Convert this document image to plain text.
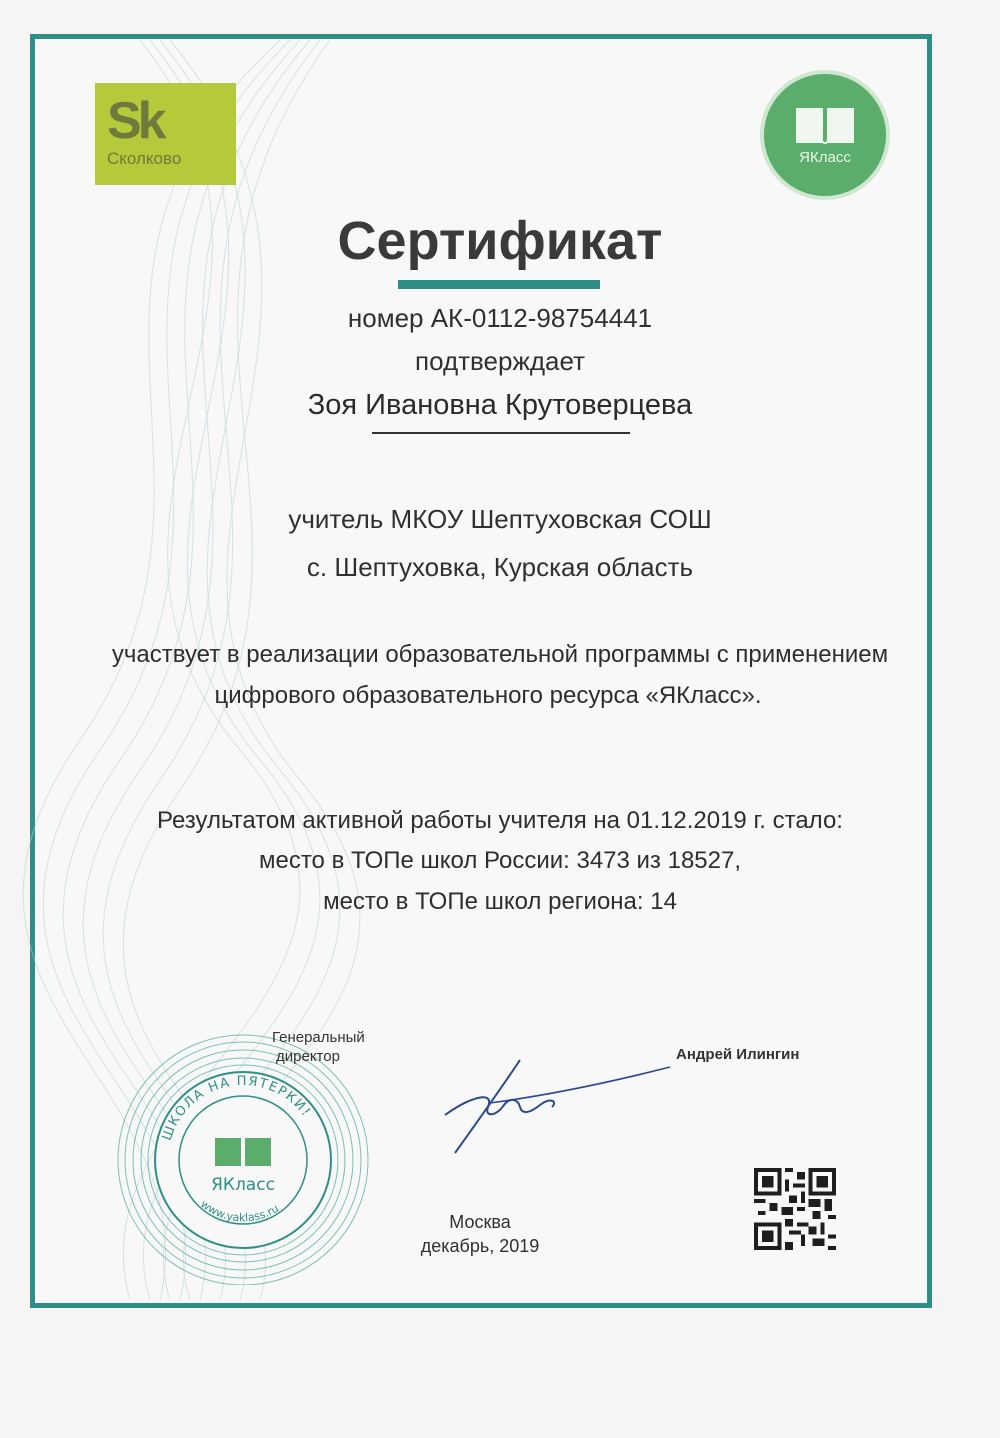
Sk
Сколково	ЯКласс
Сертификат
номер АК-0112-98754441
подтверждает
Зоя Ивановна Крутоверцева
учитель МКОУ Шептуховская СОШ
с. Шептуховка, Курская область
участвует в реализации образовательной программы с применением
цифрового образовательного ресурса «ЯКласс».
Результатом активной работы учителя на 01.12.2019 г. стало:
место в ТОПе школ России: 3473 из 18527,
место в ТОПе школ региона: 14
ШКОЛА НА ПЯТЕРКИ!
ЯКласс
www.yaklass.ru
Генеральный
директор	Андрей Илингин
Москва
декабрь, 2019
